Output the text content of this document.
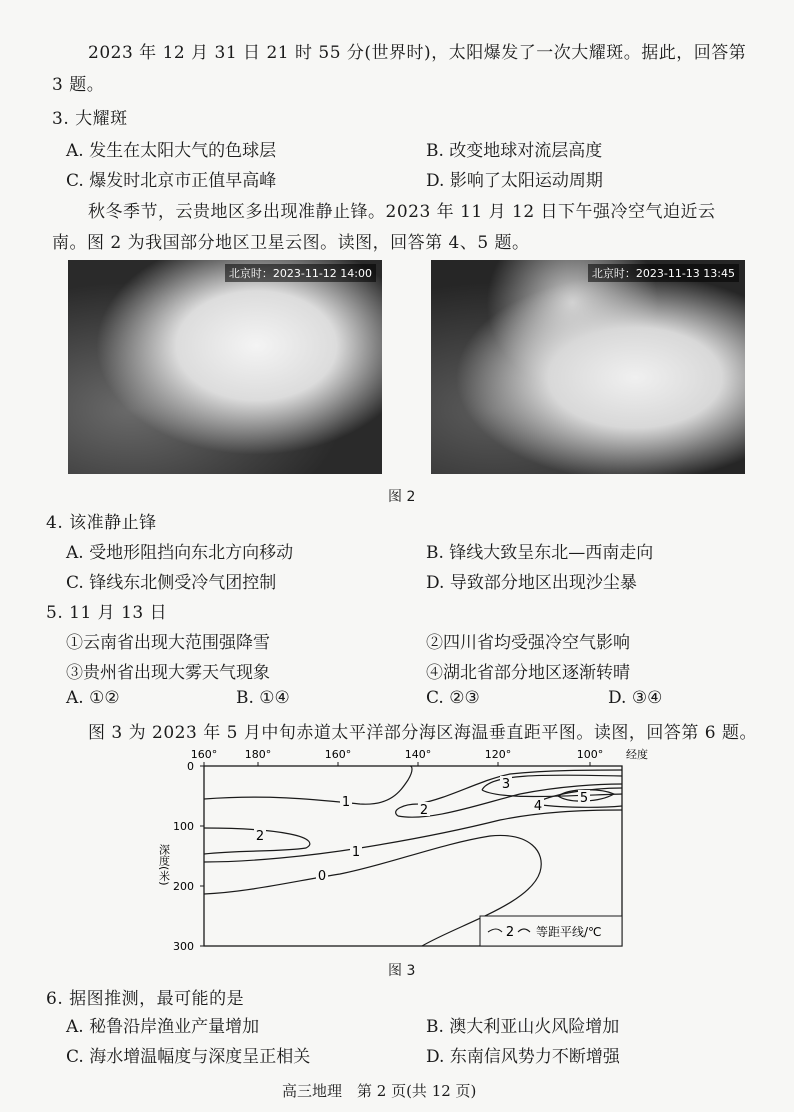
2023 年 12 月 31 日 21 时 55 分(世界时)，太阳爆发了一次大耀斑。据此，回答第
3 题。
3. 大耀斑
A. 发生在太阳大气的色球层	B. 改变地球对流层高度
C. 爆发时北京市正值早高峰	D. 影响了太阳运动周期
秋冬季节，云贵地区多出现准静止锋。2023 年 11 月 12 日下午强冷空气迫近云
南。图 2 为我国部分地区卫星云图。读图，回答第 4、5 题。
北京时：2023-11-12 14:00	北京时：2023-11-13 13:45
图 2
4. 该准静止锋
A. 受地形阻挡向东北方向移动	B. 锋线大致呈东北—西南走向
C. 锋线东北侧受冷气团控制	D. 导致部分地区出现沙尘暴
5. 11 月 13 日
①云南省出现大范围强降雪	②四川省均受强冷空气影响
③贵州省出现大雾天气现象	④湖北省部分地区逐渐转晴
A. ①②	B. ①④	C. ②③	D. ③④
图 3 为 2023 年 5 月中旬赤道太平洋部分海区海温垂直距平图。读图，回答第 6 题。
160°	180°	160°	140°	120°	100° 经度
0
100
200
300
深度(米)
1
2
3
4
5
2
1
0
2 等距平线/℃
图 3
6. 据图推测，最可能的是
A. 秘鲁沿岸渔业产量增加	B. 澳大利亚山火风险增加
C. 海水增温幅度与深度呈正相关	D. 东南信风势力不断增强
高三地理　第 2 页(共 12 页)
